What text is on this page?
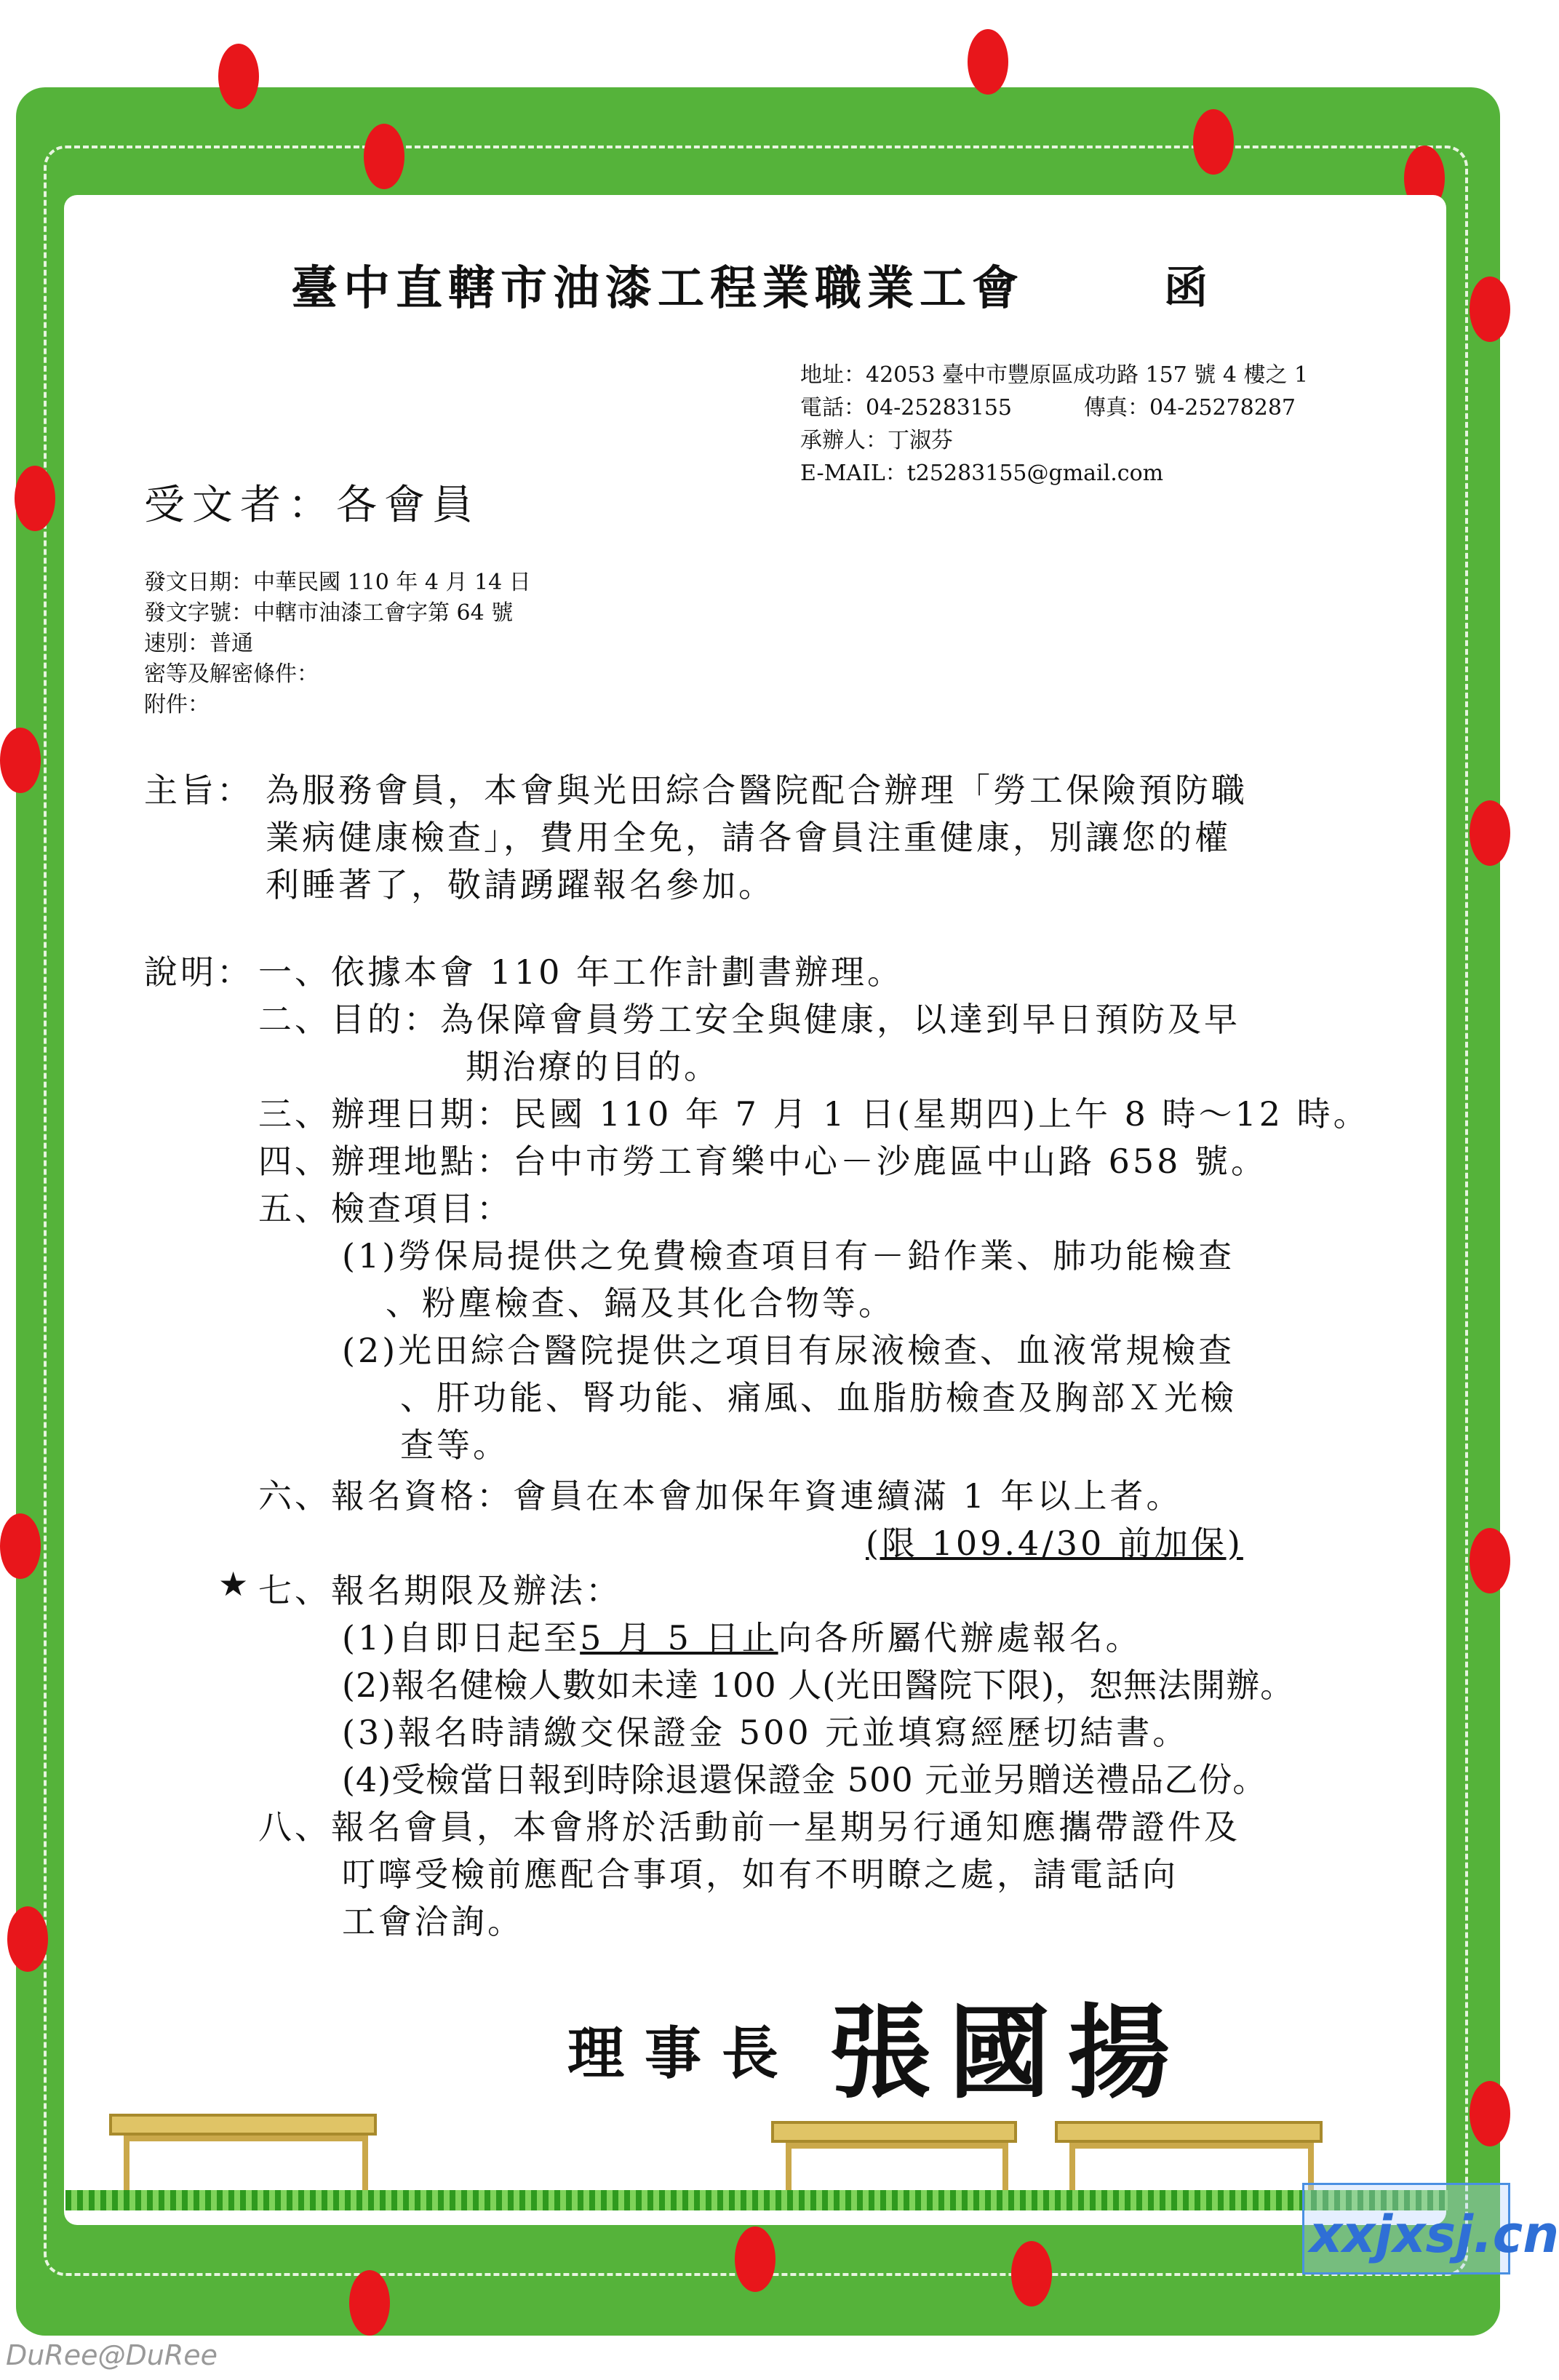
臺中直轄市油漆工程業職業工會	函
地址：42053 臺中市豐原區成功路 157 號 4 樓之 1
電話：04-25283155	傳真：04-25278287
承辦人：丁淑芬
E-MAIL：t25283155@gmail.com
受文者：各會員
發文日期：中華民國 110 年 4 月 14 日
發文字號：中轄市油漆工會字第 64 號
速別：普通
密等及解密條件：
附件：
主旨： 為服務會員，本會與光田綜合醫院配合辦理「勞工保險預防職
業病健康檢查」，費用全免，請各會員注重健康，別讓您的權
利睡著了，敬請踴躍報名參加。
說明： 一、依據本會 110 年工作計劃書辦理。
二、目的：為保障會員勞工安全與健康，以達到早日預防及早
期治療的目的。
三、辦理日期：民國 110 年 7 月 1 日(星期四)上午 8 時～12 時。
四、辦理地點：台中市勞工育樂中心－沙鹿區中山路 658 號。
五、檢查項目：
(1)勞保局提供之免費檢查項目有－鉛作業、肺功能檢查
、粉塵檢查、鎘及其化合物等。
(2)光田綜合醫院提供之項目有尿液檢查、血液常規檢查
、肝功能、腎功能、痛風、血脂肪檢查及胸部Ｘ光檢
查等。
六、報名資格：會員在本會加保年資連續滿 1 年以上者。
(限 109.4/30 前加保)
★ 七、報名期限及辦法：
(1)自即日起至5 月 5 日止向各所屬代辦處報名。
(2)報名健檢人數如未達 100 人(光田醫院下限)，恕無法開辦。
(3)報名時請繳交保證金 500 元並填寫經歷切結書。
(4)受檢當日報到時除退還保證金 500 元並另贈送禮品乙份。
八、報名會員，本會將於活動前一星期另行通知應攜帶證件及
叮嚀受檢前應配合事項，如有不明瞭之處，請電話向
工會洽詢。
理事長 張國揚
xxjxsj.cn
DuRee@DuRee
